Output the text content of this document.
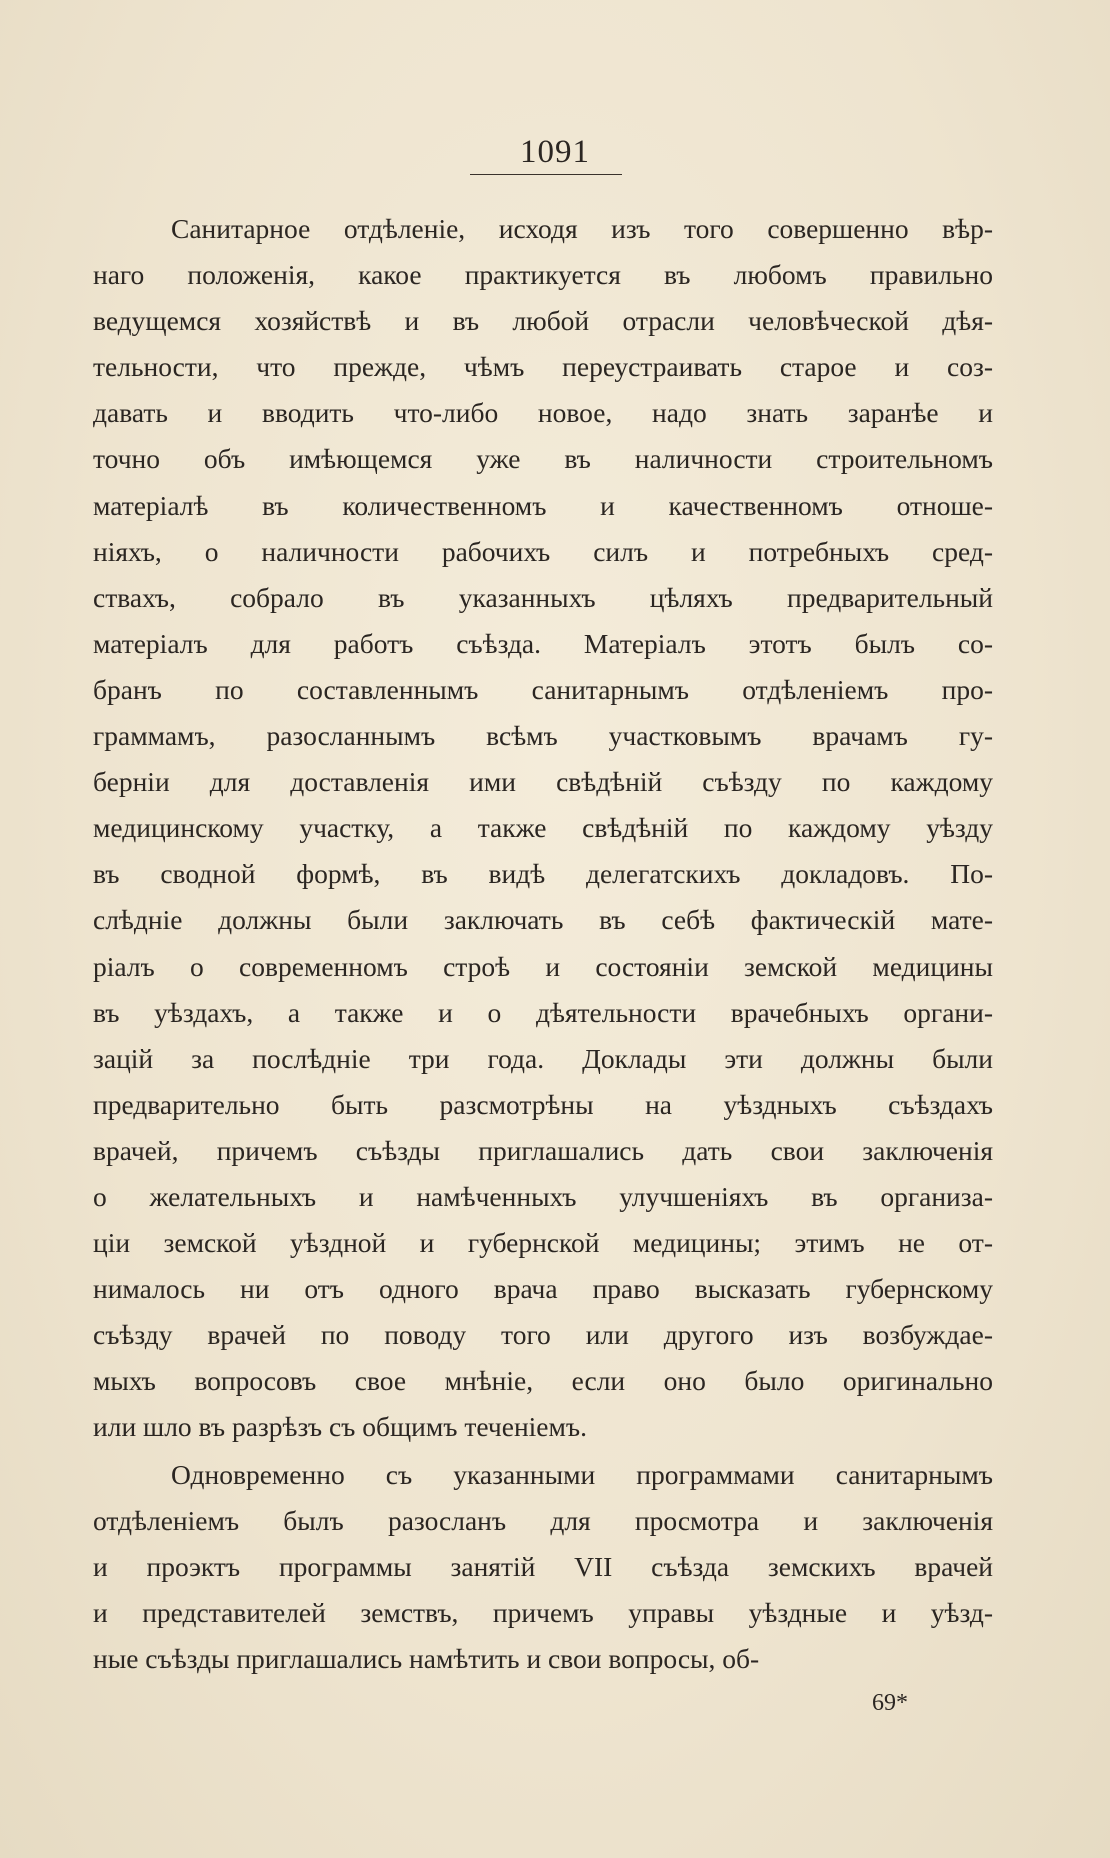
1091
Санитарное отдѣленіе, исходя изъ того совершенно вѣр-
наго положенія, какое практикуется въ любомъ правильно
ведущемся хозяйствѣ и въ любой отрасли человѣческой дѣя-
тельности, что прежде, чѣмъ переустраивать старое и соз-
давать и вводить что-либо новое, надо знать заранѣе и
точно объ имѣющемся уже въ наличности строительномъ
матеріалѣ въ количественномъ и качественномъ отноше-
ніяхъ, о наличности рабочихъ силъ и потребныхъ сред-
ствахъ, собрало въ указанныхъ цѣляхъ предварительный
матеріалъ для работъ съѣзда. Матеріалъ этотъ былъ со-
бранъ по составленнымъ санитарнымъ отдѣленіемъ про-
граммамъ, разосланнымъ всѣмъ участковымъ врачамъ гу-
берніи для доставленія ими свѣдѣній съѣзду по каждому
медицинскому участку, а также свѣдѣній по каждому уѣзду
въ сводной формѣ, въ видѣ делегатскихъ докладовъ. По-
слѣдніе должны были заключать въ себѣ фактическій мате-
ріалъ о современномъ строѣ и состояніи земской медицины
въ уѣздахъ, а также и о дѣятельности врачебныхъ органи-
зацій за послѣдніе три года. Доклады эти должны были
предварительно быть разсмотрѣны на уѣздныхъ съѣздахъ
врачей, причемъ съѣзды приглашались дать свои заключенія
о желательныхъ и намѣченныхъ улучшеніяхъ въ организа-
ціи земской уѣздной и губернской медицины; этимъ не от-
нималось ни отъ одного врача право высказать губернскому
съѣзду врачей по поводу того или другого изъ возбуждае-
мыхъ вопросовъ свое мнѣніе, если оно было оригинально
или шло въ разрѣзъ съ общимъ теченіемъ.
Одновременно съ указанными программами санитарнымъ
отдѣленіемъ былъ разосланъ для просмотра и заключенія
и проэктъ программы занятій VII съѣзда земскихъ врачей
и представителей земствъ, причемъ управы уѣздные и уѣзд-
ные съѣзды приглашались намѣтить и свои вопросы, об-
69*
